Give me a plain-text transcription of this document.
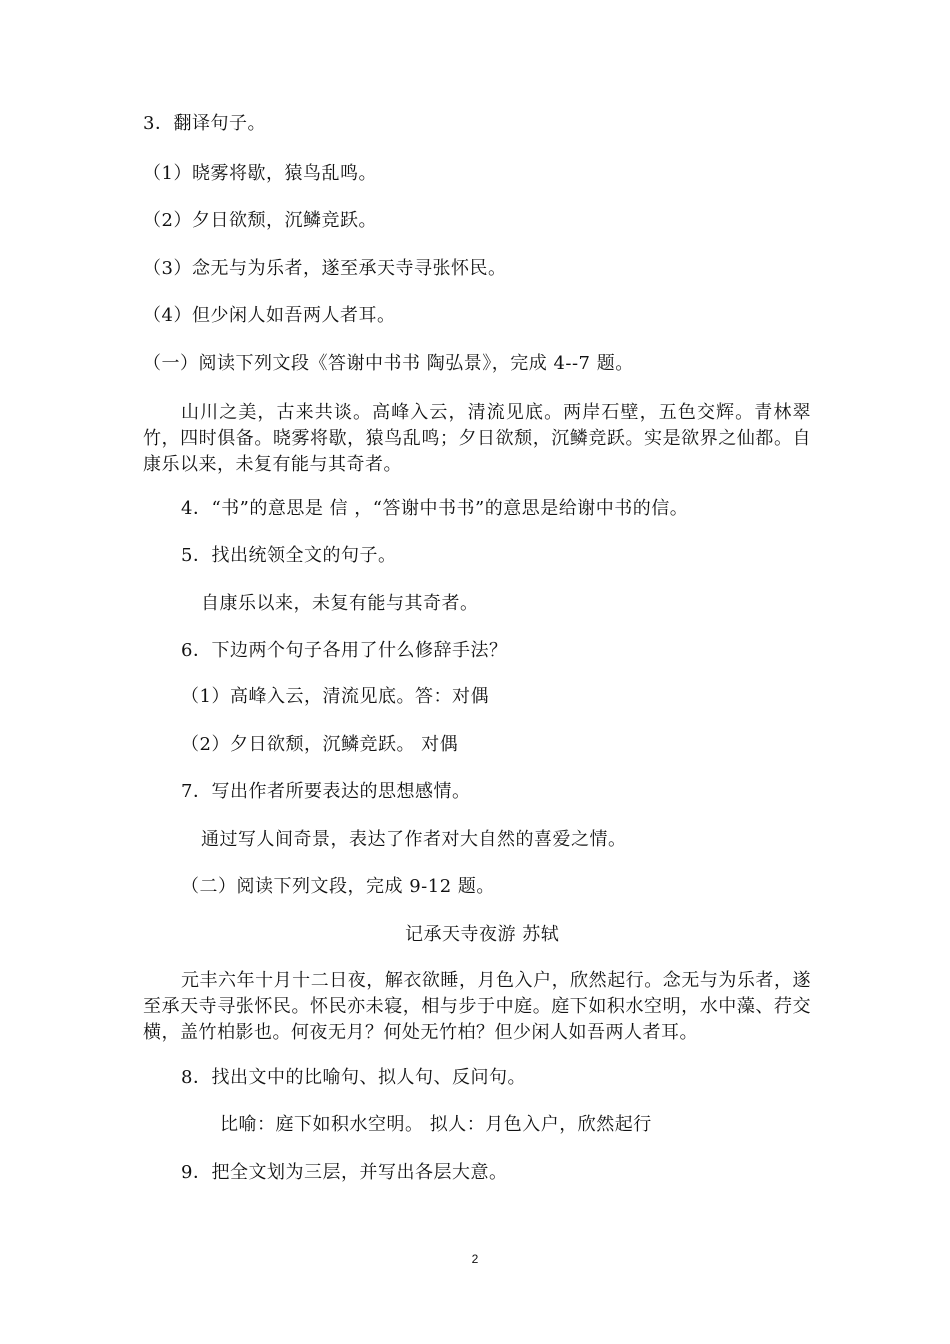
3．翻译句子。
（1）晓雾将歇，猿鸟乱鸣。
（2）夕日欲颓，沉鳞竞跃。
（3）念无与为乐者，遂至承天寺寻张怀民。
（4）但少闲人如吾两人者耳。
（一）阅读下列文段《答谢中书书 陶弘景》，完成 4--7 题。
山川之美，古来共谈。高峰入云，清流见底。两岸石壁，五色交辉。青林翠竹，四时俱备。晓雾将歇，猿鸟乱鸣；夕日欲颓，沉鳞竞跃。实是欲界之仙都。自康乐以来，未复有能与其奇者。
4．“书”的意思是 信 ，“答谢中书书”的意思是给谢中书的信。
5．找出统领全文的句子。
自康乐以来，未复有能与其奇者。
6．下边两个句子各用了什么修辞手法？
（1）高峰入云，清流见底。答：对偶
（2）夕日欲颓，沉鳞竞跃。 对偶
7．写出作者所要表达的思想感情。
通过写人间奇景，表达了作者对大自然的喜爱之情。
（二）阅读下列文段，完成 9-12 题。
记承天寺夜游 苏轼
元丰六年十月十二日夜，解衣欲睡，月色入户，欣然起行。念无与为乐者，遂至承天寺寻张怀民。怀民亦未寝，相与步于中庭。庭下如积水空明，水中藻、荇交横，盖竹柏影也。何夜无月？何处无竹柏？但少闲人如吾两人者耳。
8．找出文中的比喻句、拟人句、反问句。
比喻：庭下如积水空明。 拟人：月色入户，欣然起行
9．把全文划为三层，并写出各层大意。
2
